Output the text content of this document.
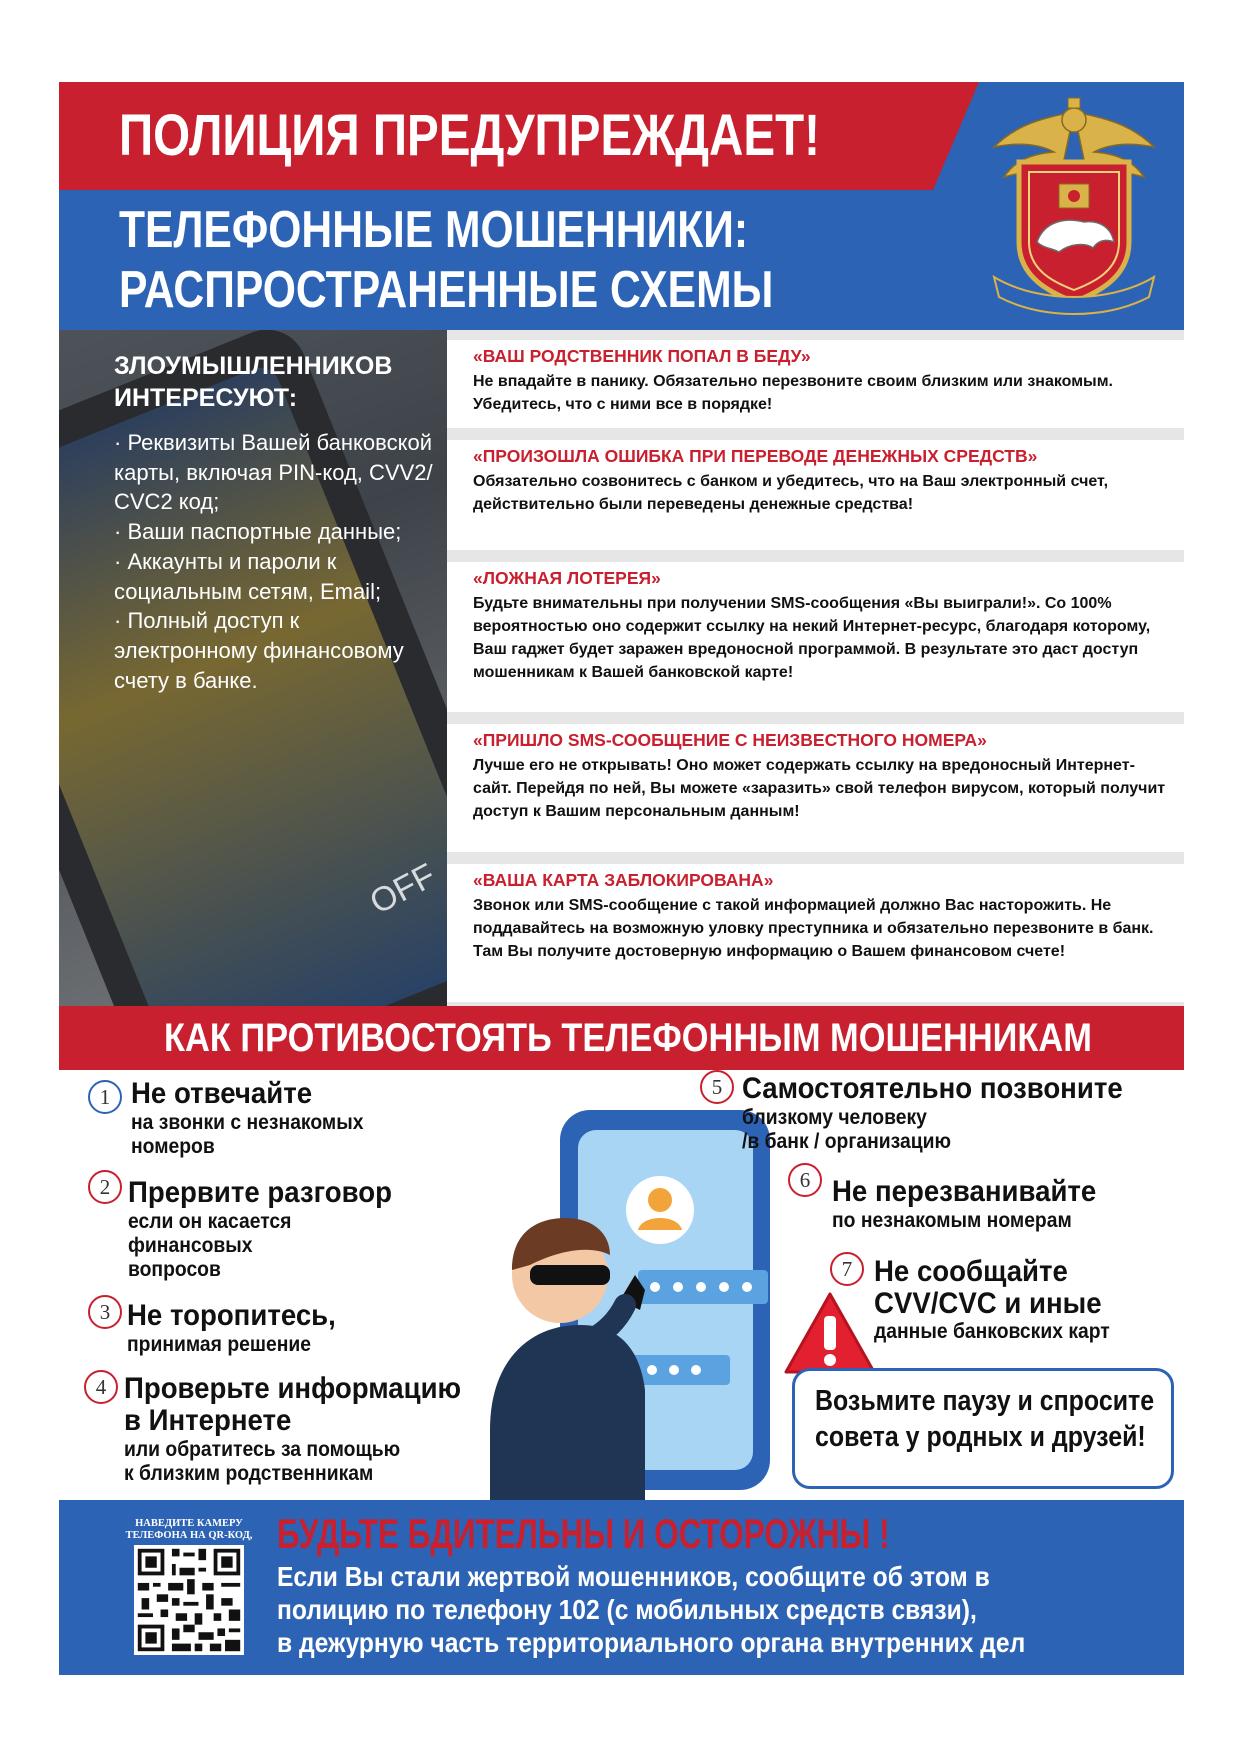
ПОЛИЦИЯ ПРЕДУПРЕЖДАЕТ!
ТЕЛЕФОННЫЕ МОШЕННИКИ:
РАСПРОСТРАНЕННЫЕ СХЕМЫ
OFF
ЗЛОУМЫШЛЕННИКОВ
ИНТЕРЕСУЮТ:
· Реквизиты Вашей банковской карты, включая PIN-код, CVV2/ CVC2 код;
· Ваши паспортные данные;
· Аккаунты и пароли к социальным сетям, Email;
· Полный доступ к электронному финансовому счету в банке.
«ВАШ РОДСТВЕННИК ПОПАЛ В БЕДУ»
Не впадайте в панику. Обязательно перезвоните своим близким или знакомым. Убедитесь, что с ними все в порядке!
«ПРОИЗОШЛА ОШИБКА ПРИ ПЕРЕВОДЕ ДЕНЕЖНЫХ СРЕДСТВ»
Обязательно созвонитесь с банком и убедитесь, что на Ваш электронный счет, действительно были переведены денежные средства!
«ЛОЖНАЯ ЛОТЕРЕЯ»
Будьте внимательны при получении SMS-сообщения «Вы выиграли!». Со 100% вероятностью оно содержит ссылку на некий Интернет-ресурс, благодаря которому, Ваш гаджет будет заражен вредоносной программой. В результате это даст доступ мошенникам к Вашей банковской карте!
«ПРИШЛО SMS-СООБЩЕНИЕ С НЕИЗВЕСТНОГО НОМЕРА»
Лучше его не открывать! Оно может содержать ссылку на вредоносный Интернет-сайт. Перейдя по ней, Вы можете «заразить» свой телефон вирусом, который получит доступ к Вашим персональным данным!
«ВАША КАРТА ЗАБЛОКИРОВАНА»
Звонок или SMS-сообщение с такой информацией должно Вас насторожить. Не поддавайтесь на возможную уловку преступника и обязательно перезвоните в банк. Там Вы получите достоверную информацию о Вашем финансовом счете!
КАК ПРОТИВОСТОЯТЬ ТЕЛЕФОННЫМ МОШЕННИКАМ
1 Не отвечайте
на звонки с незнакомых
номеров
2 Прервите разговор
если он касается
финансовых
вопросов
3 Не торопитесь,
принимая решение
4 Проверьте информацию
в Интернете
или обратитесь за помощью
к близким родственникам
5 Самостоятельно позвоните
близкому человеку
/в банк / организацию
6 Не перезванивайте
по незнакомым номерам
7 Не сообщайте
CVV/CVC и иные
данные банковских карт
Возьмите паузу и спросите
совета у родных и друзей!
НАВЕДИТЕ КАМЕРУ
ТЕЛЕФОНА НА QR-КОД, БУДЬТЕ БДИТЕЛЬНЫ И ОСТОРОЖНЫ !
Если Вы стали жертвой мошенников, сообщите об этом в
полицию по телефону 102 (с мобильных средств связи),
в дежурную часть территориального органа внутренних дел
